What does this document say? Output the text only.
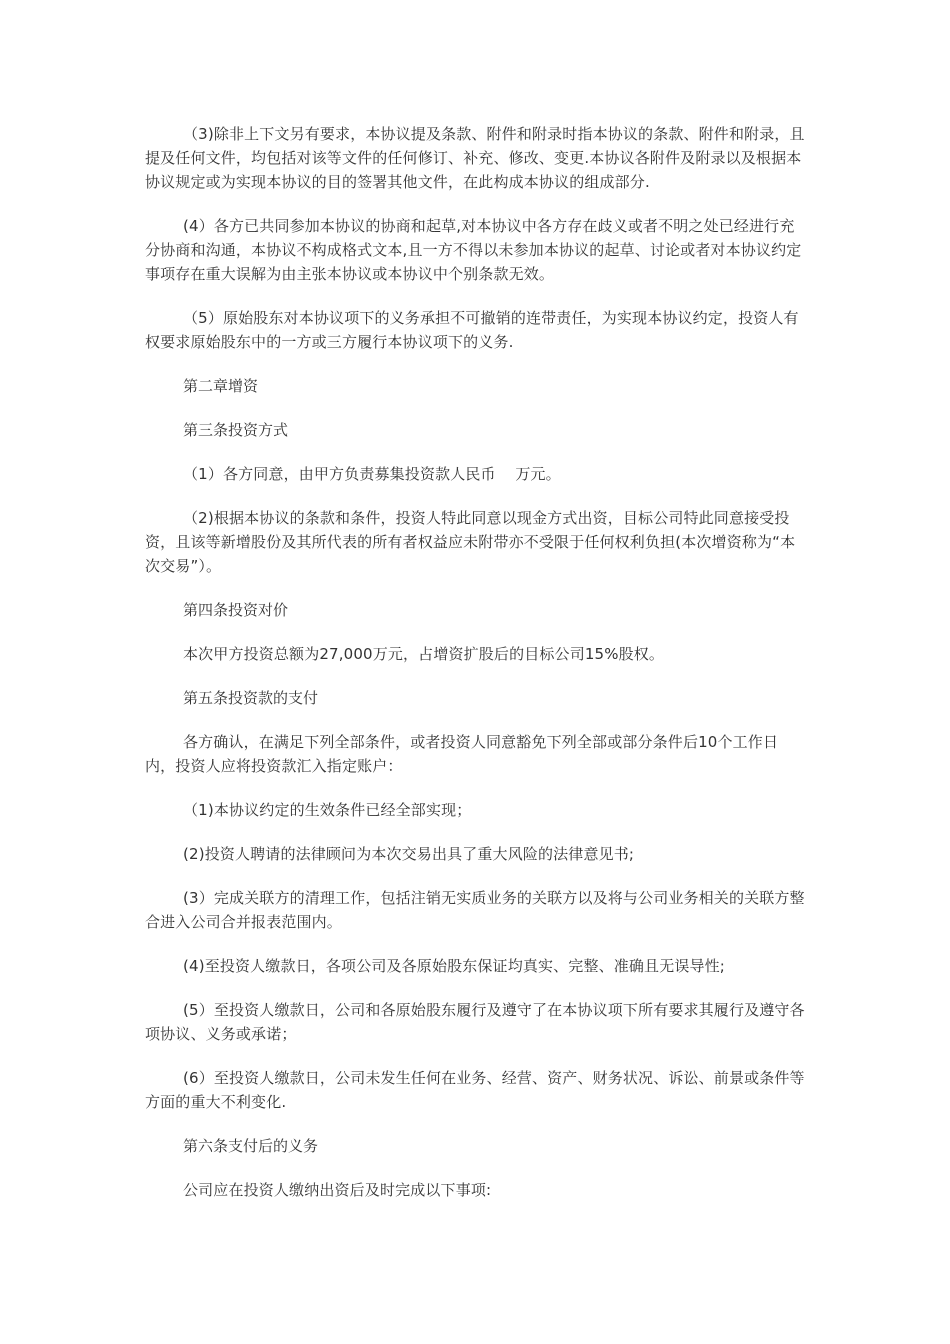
（3)除非上下文另有要求，本协议提及条款、附件和附录时指本协议的条款、附件和附录，且提及任何文件，均包括对该等文件的任何修订、补充、修改、变更.本协议各附件及附录以及根据本协议规定或为实现本协议的目的签署其他文件，在此构成本协议的组成部分.

(4）各方已共同参加本协议的协商和起草,对本协议中各方存在歧义或者不明之处已经进行充分协商和沟通，本协议不构成格式文本,且一方不得以未参加本协议的起草、讨论或者对本协议约定事项存在重大误解为由主张本协议或本协议中个别条款无效。

（5）原始股东对本协议项下的义务承担不可撤销的连带责任，为实现本协议约定，投资人有权要求原始股东中的一方或三方履行本协议项下的义务.

第二章增资

第三条投资方式

（1）各方同意，由甲方负责募集投资款人民币    万元。

（2)根据本协议的条款和条件，投资人特此同意以现金方式出资，目标公司特此同意接受投资，且该等新增股份及其所代表的所有者权益应未附带亦不受限于任何权利负担(本次增资称为“本次交易”）。

第四条投资对价

本次甲方投资总额为27,000万元，占增资扩股后的目标公司15%股权。

第五条投资款的支付

各方确认，在满足下列全部条件，或者投资人同意豁免下列全部或部分条件后10个工作日内，投资人应将投资款汇入指定账户：

（1)本协议约定的生效条件已经全部实现；

(2)投资人聘请的法律顾问为本次交易出具了重大风险的法律意见书;

(3）完成关联方的清理工作，包括注销无实质业务的关联方以及将与公司业务相关的关联方整合进入公司合并报表范围内。

(4)至投资人缴款日，各项公司及各原始股东保证均真实、完整、准确且无误导性;

(5）至投资人缴款日，公司和各原始股东履行及遵守了在本协议项下所有要求其履行及遵守各项协议、义务或承诺；

(6）至投资人缴款日，公司未发生任何在业务、经营、资产、财务状况、诉讼、前景或条件等方面的重大不利变化.

第六条支付后的义务

公司应在投资人缴纳出资后及时完成以下事项:
